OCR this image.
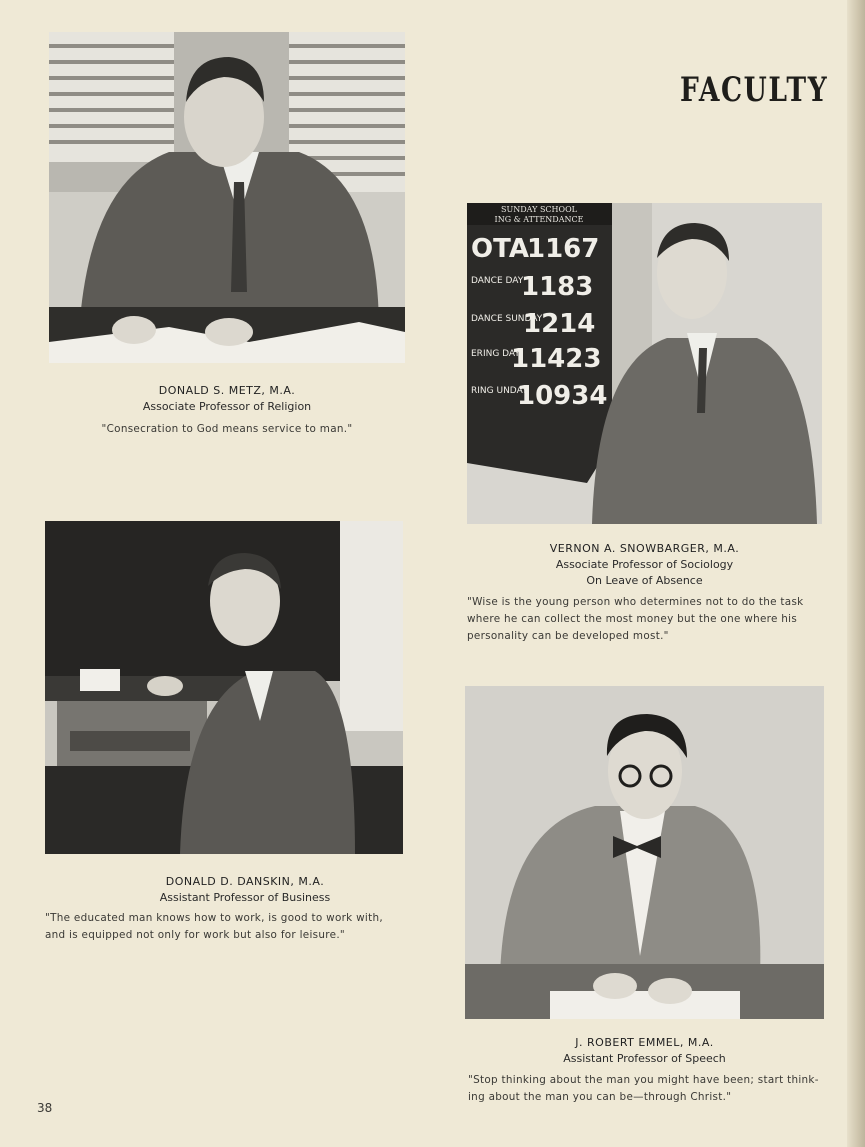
FACULTY
DONALD S. METZ, M.A.
Associate Professor of Religion
"Consecration to God means service to man."
SUNDAY SCHOOL
ING & ATTENDANCE
OTA
1167
DANCE DAY
1183
DANCE SUNDAY
1214
ERING DAY
11423
RING UNDAY
10934
VERNON A. SNOWBARGER, M.A.
Associate Professor of Sociology
On Leave of Absence
"Wise is the young person who determines not to do the task
where he can collect the most money but the one where his
personality can be developed most."
DONALD D. DANSKIN, M.A.
Assistant Professor of Business
"The educated man knows how to work, is good to work with,
and is equipped not only for work but also for leisure."
J. ROBERT EMMEL, M.A.
Assistant Professor of Speech
"Stop thinking about the man you might have been; start think-
ing about the man you can be—through Christ."
38
